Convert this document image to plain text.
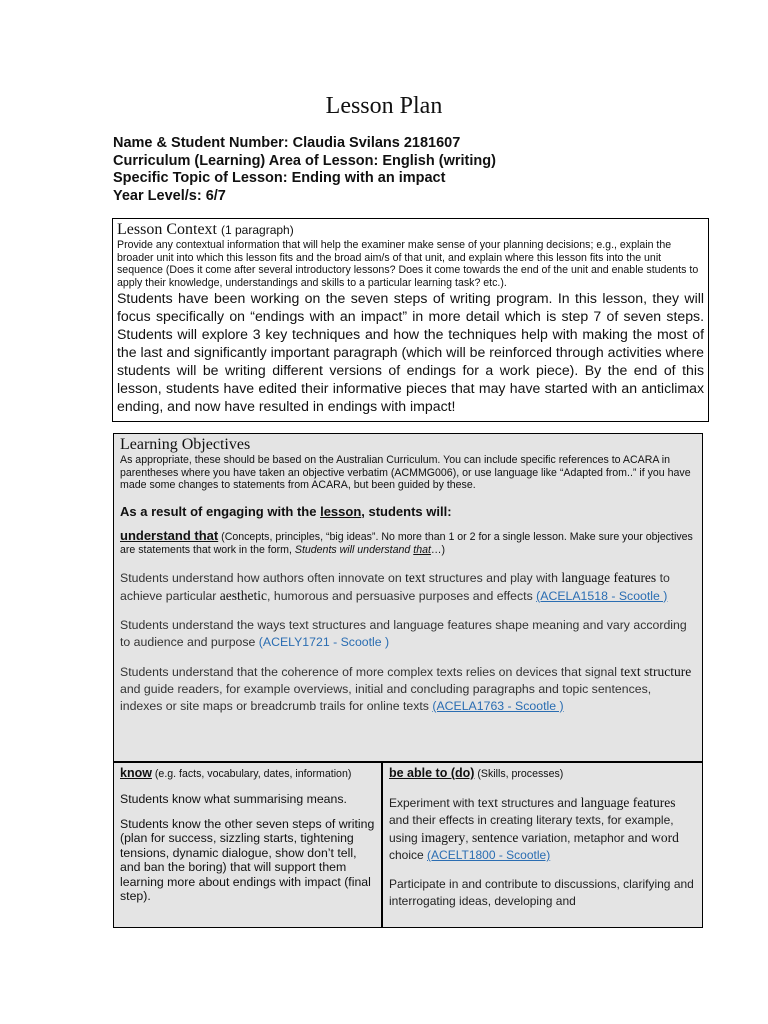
Lesson Plan
Name & Student Number: Claudia Svilans 2181607
Curriculum (Learning) Area of Lesson: English (writing)
Specific Topic of Lesson: Ending with an impact
Year Level/s: 6/7
Lesson Context (1 paragraph)
Provide any contextual information that will help the examiner make sense of your planning decisions; e.g., explain the broader unit into which this lesson fits and the broad aim/s of that unit, and explain where this lesson fits into the unit sequence (Does it come after several introductory lessons? Does it come towards the end of the unit and enable students to apply their knowledge, understandings and skills to a particular learning task? etc.).
Students have been working on the seven steps of writing program. In this lesson, they will focus specifically on “endings with an impact” in more detail which is step 7 of seven steps. Students will explore 3 key techniques and how the techniques help with making the most of the last and significantly important paragraph (which will be reinforced through activities where students will be writing different versions of endings for a work piece). By the end of this lesson, students have edited their informative pieces that may have started with an anticlimax ending, and now have resulted in endings with impact!
Learning Objectives
As appropriate, these should be based on the Australian Curriculum. You can include specific references to ACARA in parentheses where you have taken an objective verbatim (ACMMG006), or use language like “Adapted from..” if you have made some changes to statements from ACARA, but been guided by these.
As a result of engaging with the lesson, students will:
understand that (Concepts, principles, “big ideas”. No more than 1 or 2 for a single lesson. Make sure your objectives are statements that work in the form, Students will understand that…)
Students understand how authors often innovate on text structures and play with language features to achieve particular aesthetic, humorous and persuasive purposes and effects (ACELA1518 - Scootle )
Students understand the ways text structures and language features shape meaning and vary according to audience and purpose (ACELY1721 - Scootle )
Students understand that the coherence of more complex texts relies on devices that signal text structure and guide readers, for example overviews, initial and concluding paragraphs and topic sentences, indexes or site maps or breadcrumb trails for online texts (ACELA1763 - Scootle )
know (e.g. facts, vocabulary, dates, information)
Students know what summarising means.
Students know the other seven steps of writing (plan for success, sizzling starts, tightening tensions, dynamic dialogue, show don’t tell, and ban the boring) that will support them learning more about endings with impact (final step).
be able to (do) (Skills, processes)
Experiment with text structures and language features and their effects in creating literary texts, for example, using imagery, sentence variation, metaphor and word choice (ACELT1800 - Scootle)
Participate in and contribute to discussions, clarifying and interrogating ideas, developing and
